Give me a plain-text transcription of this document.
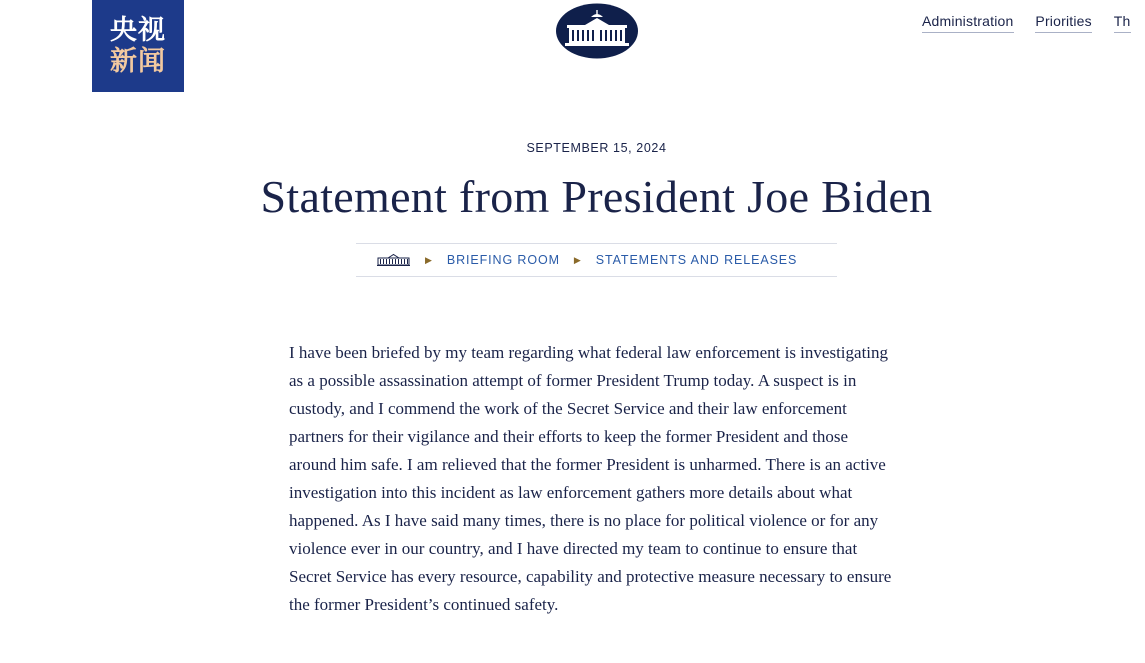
央视
新闻
Administration Priorities Th
SEPTEMBER 15, 2024
Statement from President Joe Biden
▶ BRIEFING ROOM ▶ STATEMENTS AND RELEASES

I have been briefed by my team regarding what federal law enforcement is investigating as a possible assassination attempt of former President Trump today. A suspect is in custody, and I commend the work of the Secret Service and their law enforcement partners for their vigilance and their efforts to keep the former President and those around him safe. I am relieved that the former President is unharmed. There is an active investigation into this incident as law enforcement gathers more details about what happened. As I have said many times, there is no place for political violence or for any violence ever in our country, and I have directed my team to continue to ensure that Secret Service has every resource, capability and protective measure necessary to ensure the former President’s continued safety.
